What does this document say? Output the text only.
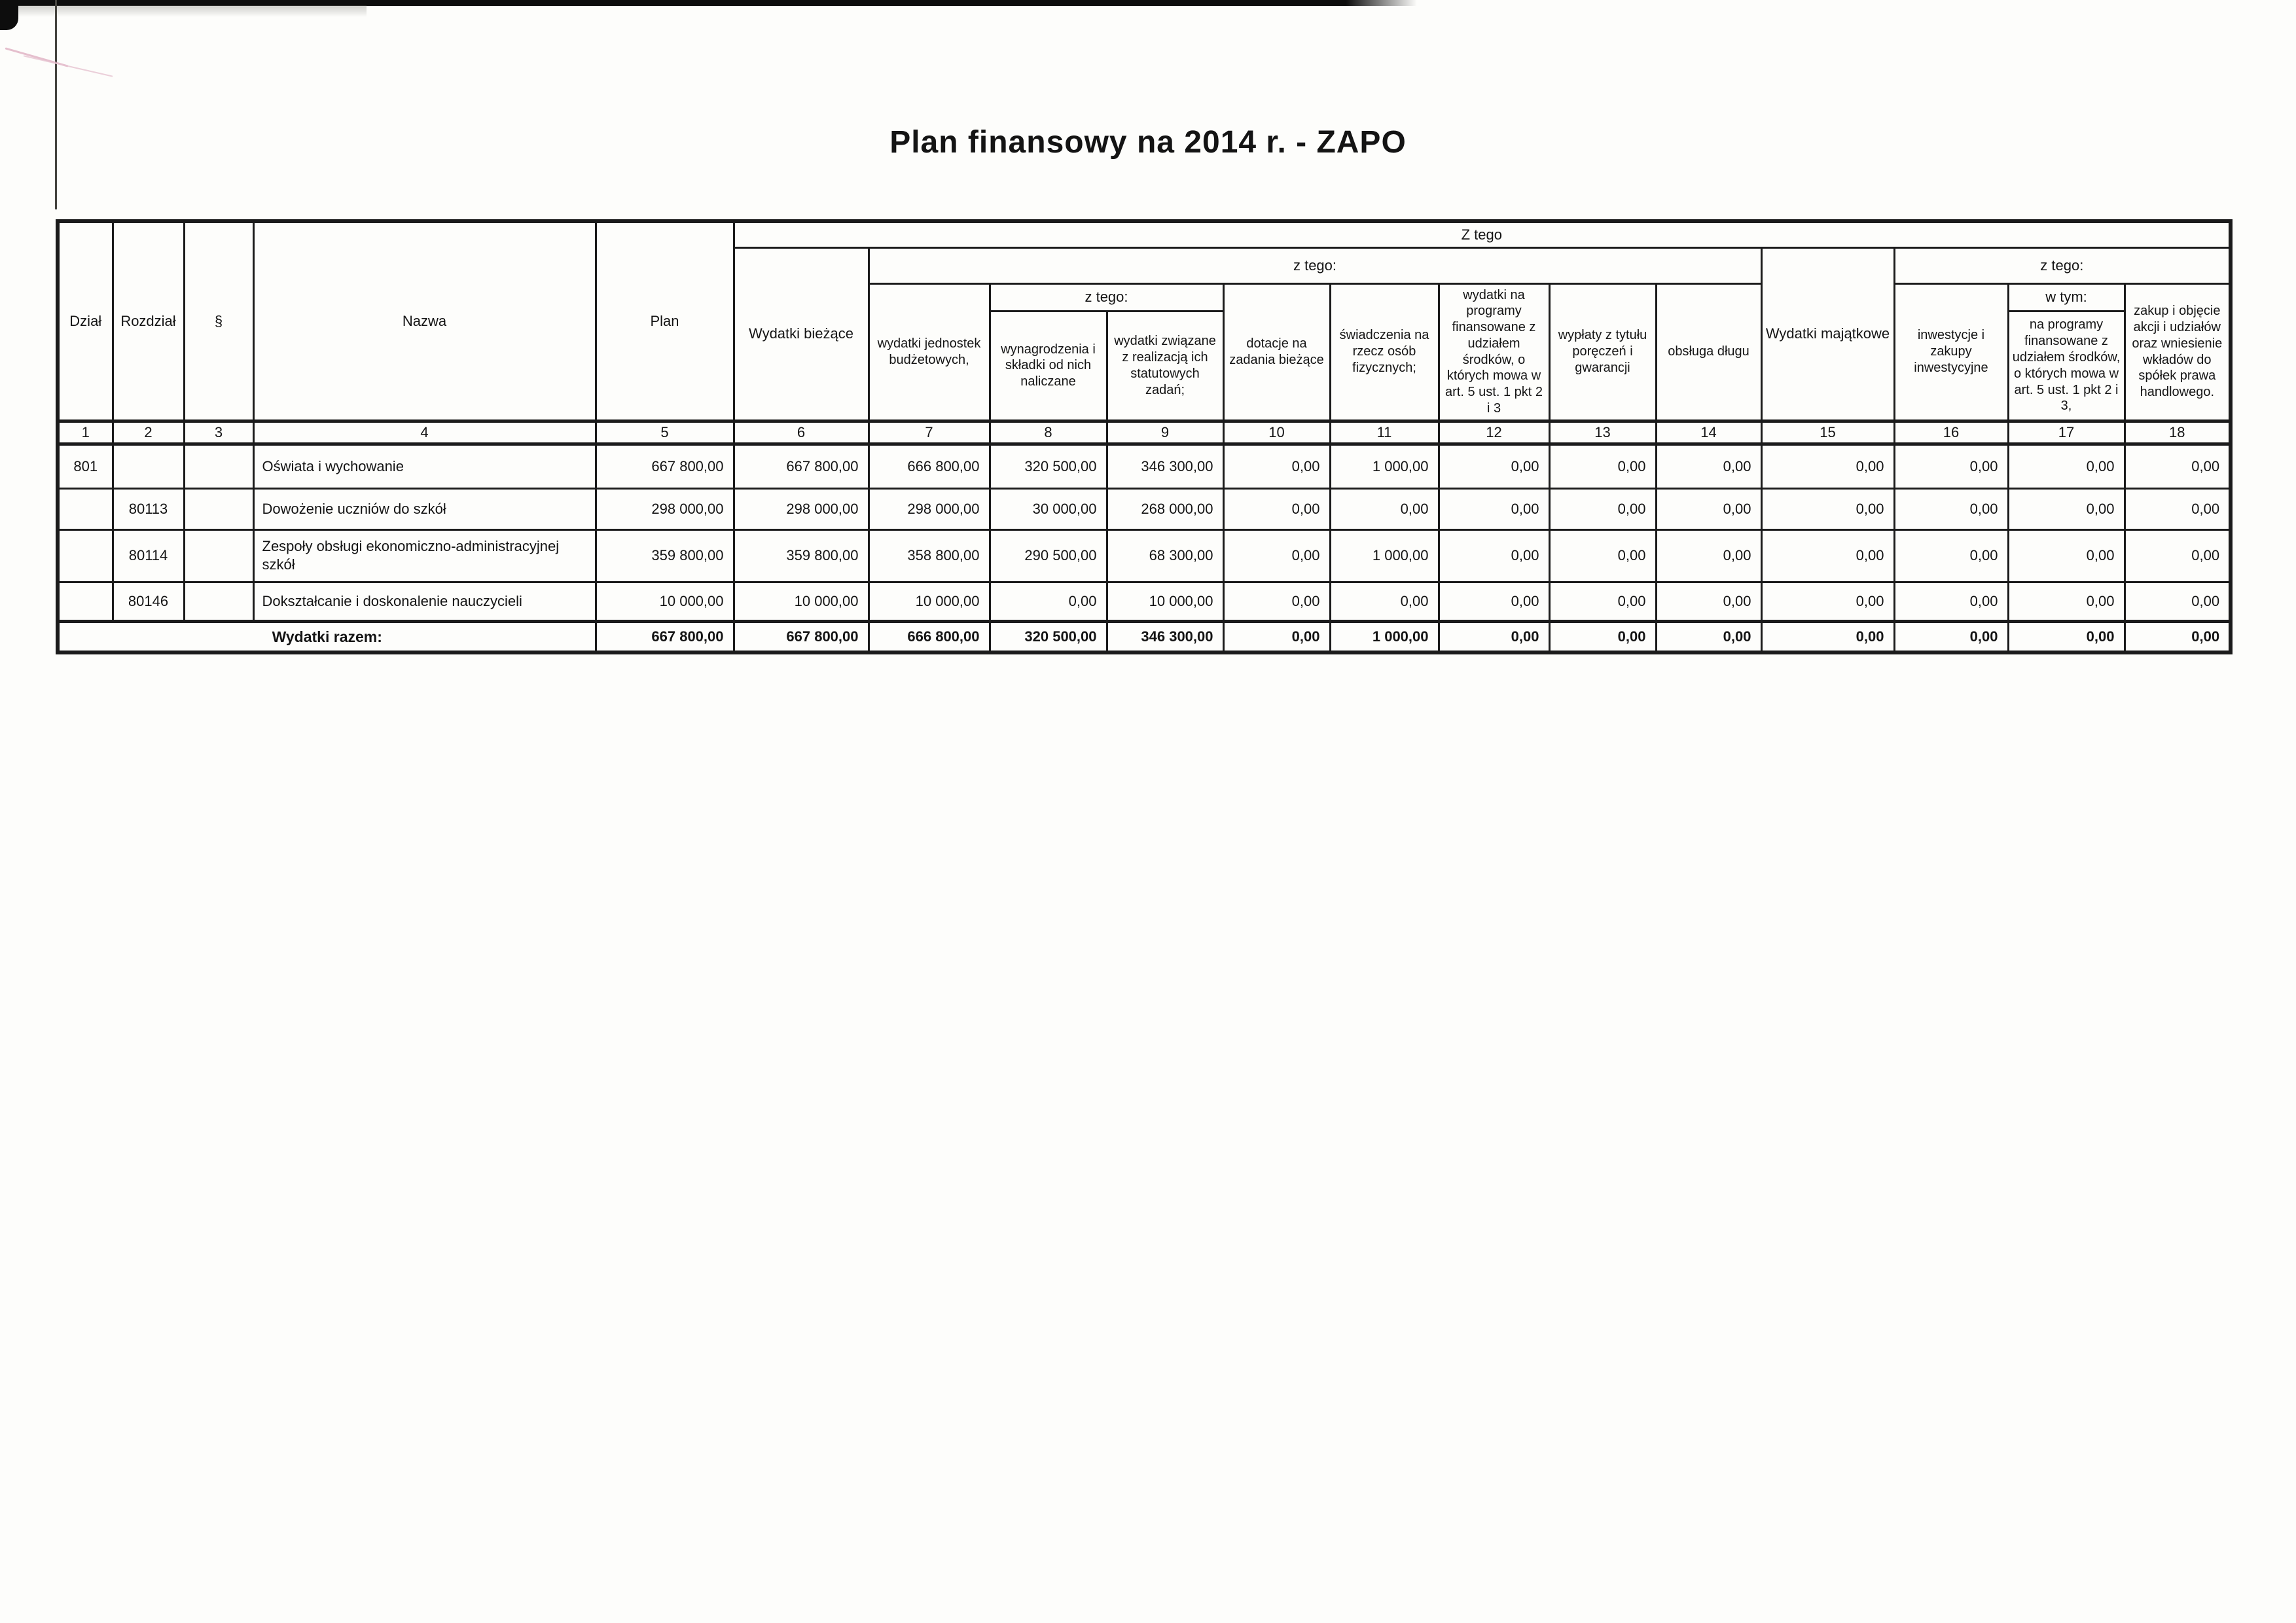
Plan finansowy na 2014 r. - ZAPO
Dział	Rozdział	§	Nazwa	Plan	Z tego												
					Wydatki bieżące	z tego:								Wydatki majątkowe	z tego:		
						wydatki jednostek budżetowych,	z tego:		dotacje na zadania bieżące	świadczenia na rzecz osób fizycznych;	wydatki na programy finansowane z udziałem środków, o których mowa w art. 5 ust. 1 pkt 2 i 3	wypłaty z tytułu poręczeń i gwarancji	obsługa długu		inwestycje i zakupy inwestycyjne	w tym:	zakup i objęcie akcji i udziałów oraz wniesienie wkładów do spółek prawa handlowego.
							wynagrodzenia i składki od nich naliczane	wydatki związane z realizacją ich statutowych zadań;								na programy finansowane z udziałem środków, o których mowa w art. 5 ust. 1 pkt 2 i 3,	
1	2	3	4	5	6	7	8	9	10	11	12	13	14	15	16	17	18
801			Oświata i wychowanie	667 800,00	667 800,00	666 800,00	320 500,00	346 300,00	0,00	1 000,00	0,00	0,00	0,00	0,00	0,00	0,00	0,00
	80113		Dowożenie uczniów do szkół	298 000,00	298 000,00	298 000,00	30 000,00	268 000,00	0,00	0,00	0,00	0,00	0,00	0,00	0,00	0,00	0,00
	80114		Zespoły obsługi ekonomiczno-administracyjnej szkół	359 800,00	359 800,00	358 800,00	290 500,00	68 300,00	0,00	1 000,00	0,00	0,00	0,00	0,00	0,00	0,00	0,00
	80146		Dokształcanie i doskonalenie nauczycieli	10 000,00	10 000,00	10 000,00	0,00	10 000,00	0,00	0,00	0,00	0,00	0,00	0,00	0,00	0,00	0,00
Wydatki razem:				667 800,00	667 800,00	666 800,00	320 500,00	346 300,00	0,00	1 000,00	0,00	0,00	0,00	0,00	0,00	0,00	0,00
